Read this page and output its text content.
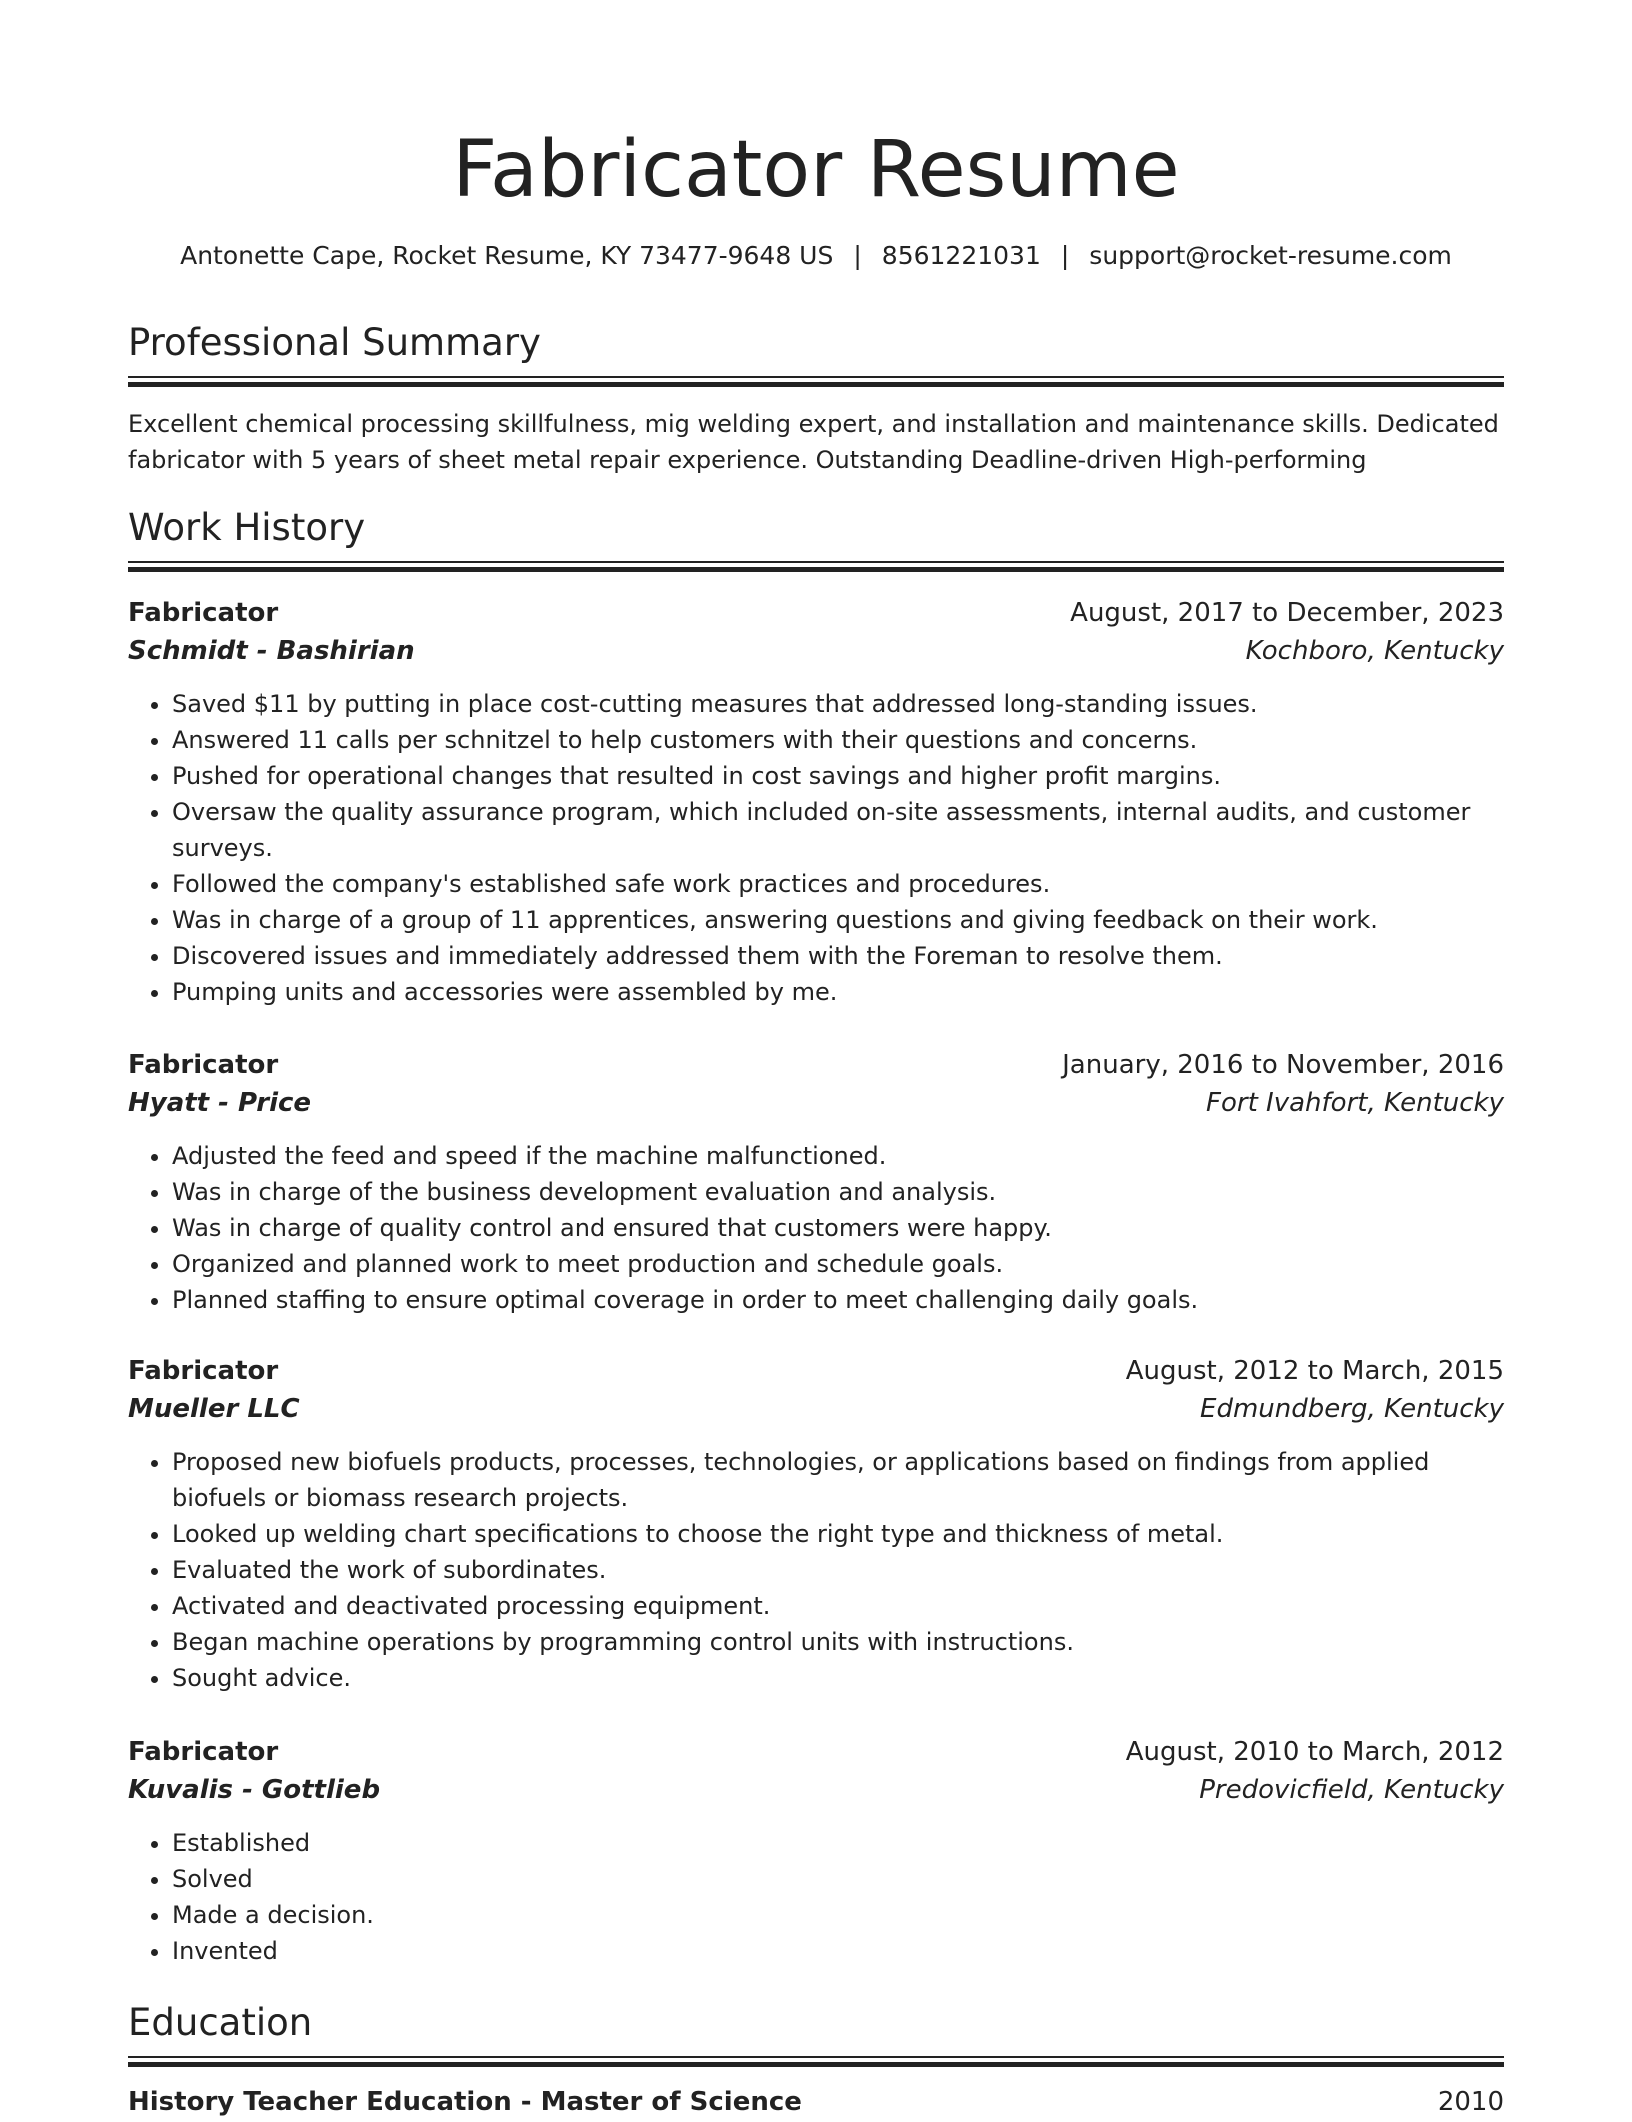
Fabricator Resume
Antonette Cape, Rocket Resume, KY 73477-9648 US | 8561221031 | support@rocket-resume.com
Professional Summary

Excellent chemical processing skillfulness, mig welding expert, and installation and maintenance skills. Dedicated fabricator with 5 years of sheet metal repair experience. Outstanding Deadline-driven High-performing

Work History
Fabricator	August, 2017 to December, 2023
Schmidt - Bashirian	Kochboro, Kentucky
• Saved $11 by putting in place cost-cutting measures that addressed long-standing issues.
• Answered 11 calls per schnitzel to help customers with their questions and concerns.
• Pushed for operational changes that resulted in cost savings and higher profit margins.
• Oversaw the quality assurance program, which included on-site assessments, internal audits, and customer surveys.
• Followed the company's established safe work practices and procedures.
• Was in charge of a group of 11 apprentices, answering questions and giving feedback on their work.
• Discovered issues and immediately addressed them with the Foreman to resolve them.
• Pumping units and accessories were assembled by me.
Fabricator	January, 2016 to November, 2016
Hyatt - Price	Fort Ivahfort, Kentucky
• Adjusted the feed and speed if the machine malfunctioned.
• Was in charge of the business development evaluation and analysis.
• Was in charge of quality control and ensured that customers were happy.
• Organized and planned work to meet production and schedule goals.
• Planned staffing to ensure optimal coverage in order to meet challenging daily goals.
Fabricator	August, 2012 to March, 2015
Mueller LLC	Edmundberg, Kentucky
• Proposed new biofuels products, processes, technologies, or applications based on findings from applied biofuels or biomass research projects.
• Looked up welding chart specifications to choose the right type and thickness of metal.
• Evaluated the work of subordinates.
• Activated and deactivated processing equipment.
• Began machine operations by programming control units with instructions.
• Sought advice.
Fabricator	August, 2010 to March, 2012
Kuvalis - Gottlieb	Predovicfield, Kentucky
• Established
• Solved
• Made a decision.
• Invented
Education
History Teacher Education - Master of Science	2010
